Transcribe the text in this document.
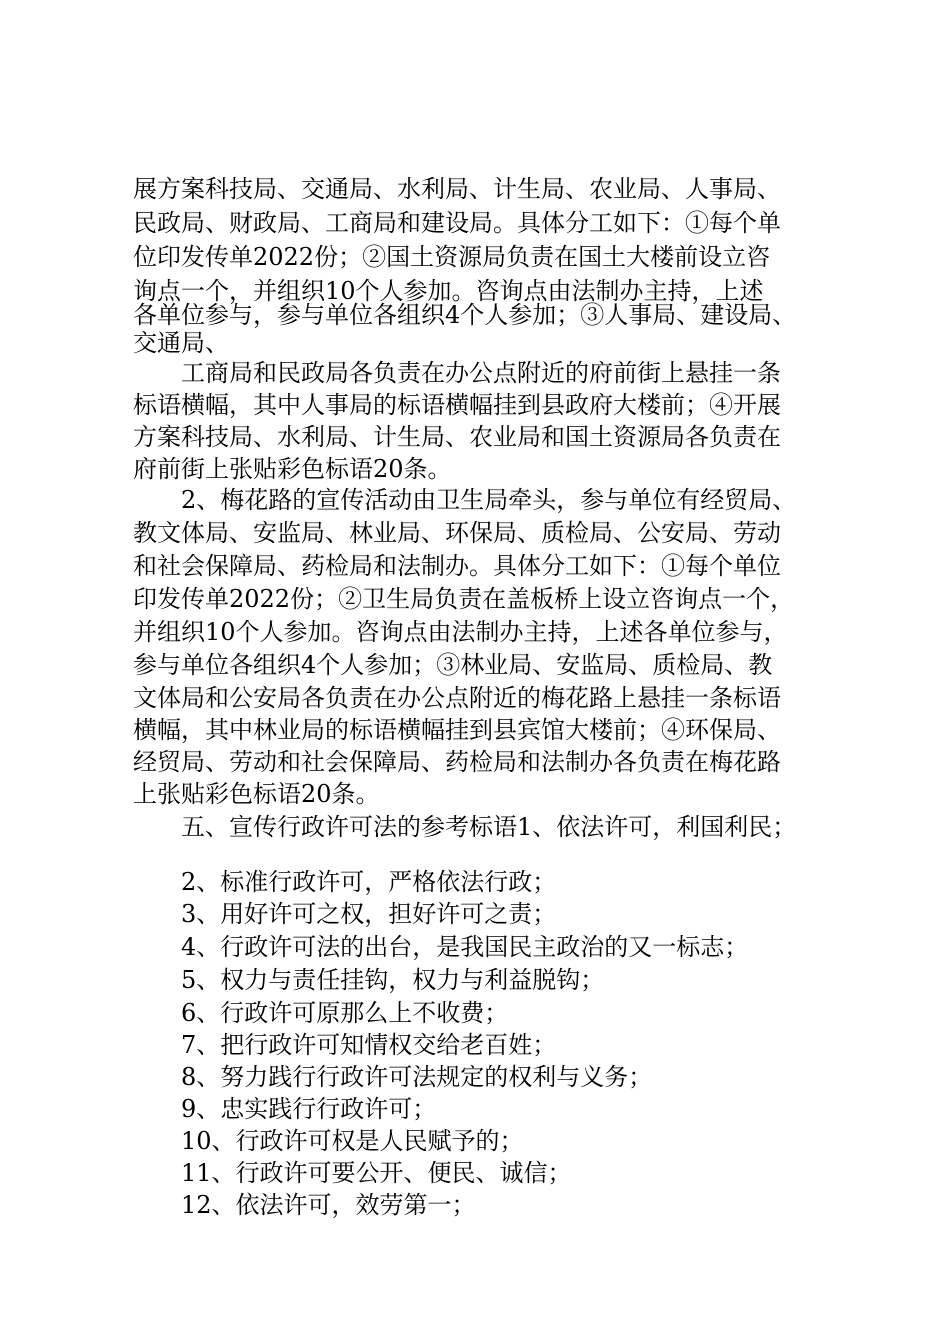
展方案科技局、交通局、水利局、计生局、农业局、人事局、
民政局、财政局、工商局和建设局。具体分工如下：①每个单
位印发传单2022份；②国土资源局负责在国土大楼前设立咨
询点一个，并组织10个人参加。咨询点由法制办主持，上述
各单位参与，参与单位各组织4个人参加；③人事局、建设局、
交通局、
工商局和民政局各负责在办公点附近的府前街上悬挂一条
标语横幅，其中人事局的标语横幅挂到县政府大楼前；④开展
方案科技局、水利局、计生局、农业局和国土资源局各负责在
府前街上张贴彩色标语20条。
2、梅花路的宣传活动由卫生局牵头，参与单位有经贸局、
教文体局、安监局、林业局、环保局、质检局、公安局、劳动
和社会保障局、药检局和法制办。具体分工如下：①每个单位
印发传单2022份；②卫生局负责在盖板桥上设立咨询点一个，
并组织10个人参加。咨询点由法制办主持，上述各单位参与，
参与单位各组织4个人参加；③林业局、安监局、质检局、教
文体局和公安局各负责在办公点附近的梅花路上悬挂一条标语
横幅，其中林业局的标语横幅挂到县宾馆大楼前；④环保局、
经贸局、劳动和社会保障局、药检局和法制办各负责在梅花路
上张贴彩色标语20条。
五、宣传行政许可法的参考标语1、依法许可，利国利民；
2、标准行政许可，严格依法行政；
3、用好许可之权，担好许可之责；
4、行政许可法的出台，是我国民主政治的又一标志；
5、权力与责任挂钩，权力与利益脱钩；
6、行政许可原那么上不收费；
7、把行政许可知情权交给老百姓；
8、努力践行行政许可法规定的权利与义务；
9、忠实践行行政许可；
10、行政许可权是人民赋予的；
11、行政许可要公开、便民、诚信；
12、依法许可，效劳第一；
